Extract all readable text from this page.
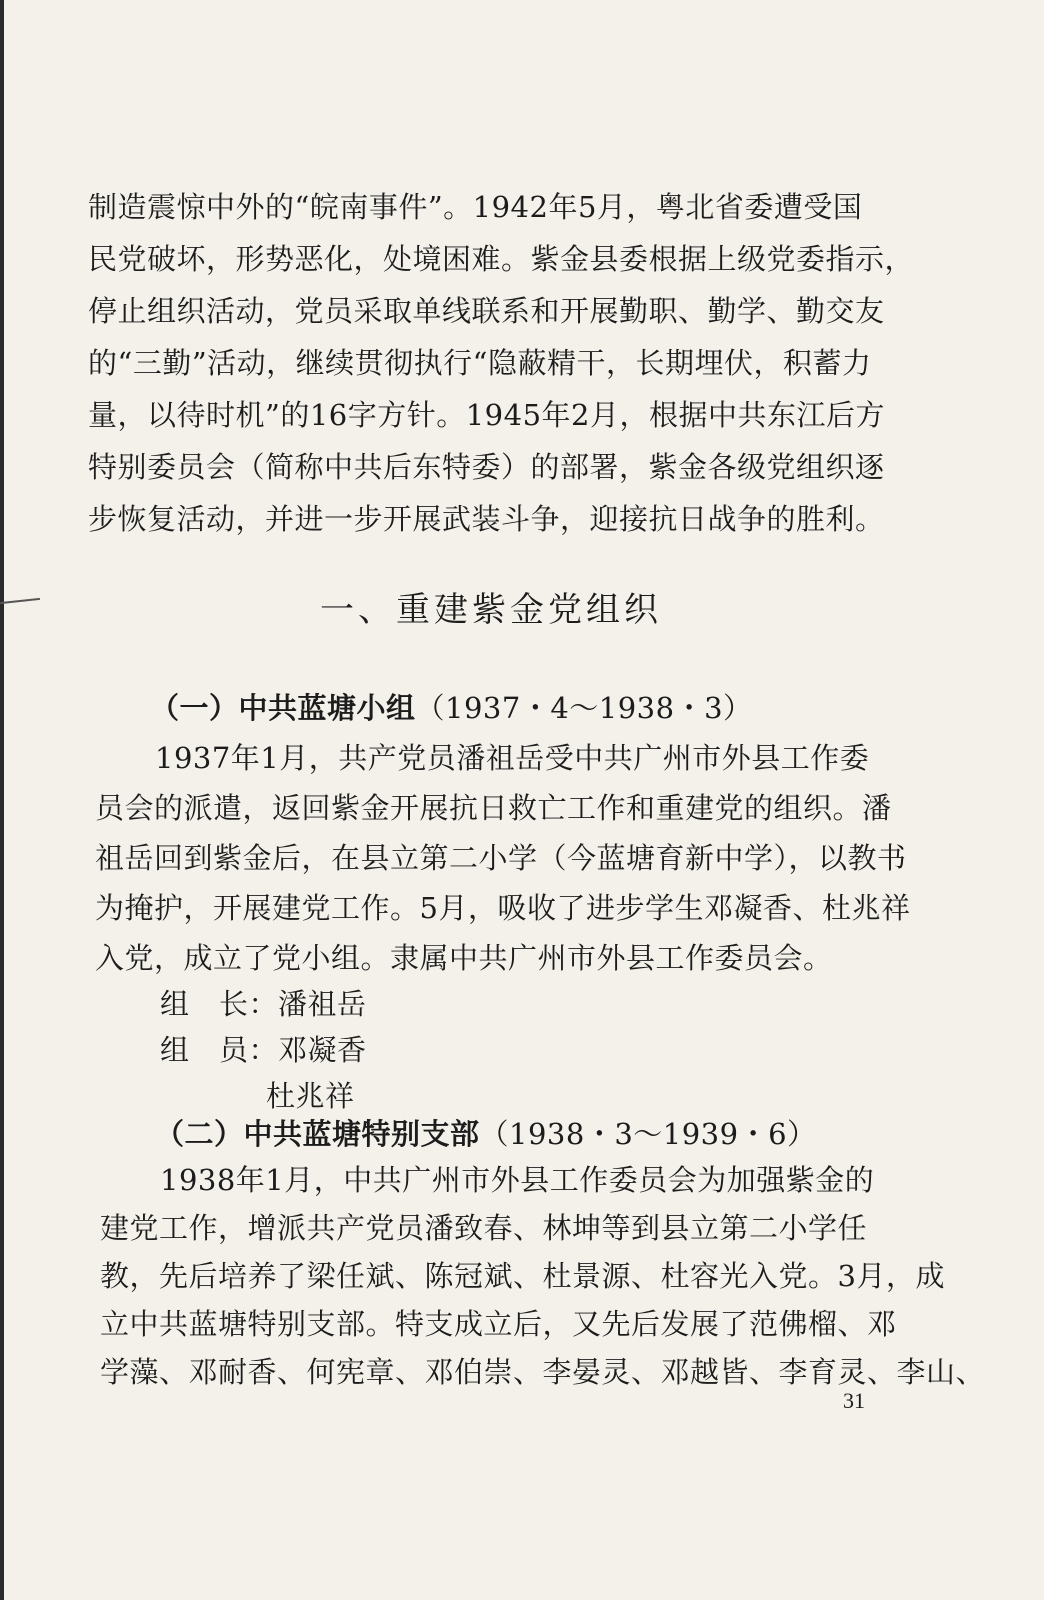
制造震惊中外的“皖南事件”。1942年5月，粤北省委遭受国
民党破坏，形势恶化，处境困难。紫金县委根据上级党委指示，
停止组织活动，党员采取单线联系和开展勤职、勤学、勤交友
的“三勤”活动，继续贯彻执行“隐蔽精干，长期埋伏，积蓄力
量，以待时机”的16字方针。1945年2月，根据中共东江后方
特别委员会（简称中共后东特委）的部署，紫金各级党组织逐
步恢复活动，并进一步开展武装斗争，迎接抗日战争的胜利。
一、重建紫金党组织
（一）中共蓝塘小组（1937・4～1938・3）
1937年1月，共产党员潘祖岳受中共广州市外县工作委
员会的派遣，返回紫金开展抗日救亡工作和重建党的组织。潘
祖岳回到紫金后，在县立第二小学（今蓝塘育新中学），以教书
为掩护，开展建党工作。5月，吸收了进步学生邓凝香、杜兆祥
入党，成立了党小组。隶属中共广州市外县工作委员会。
组　长：潘祖岳
组　员：邓凝香
杜兆祥
（二）中共蓝塘特别支部（1938・3～1939・6）
1938年1月，中共广州市外县工作委员会为加强紫金的
建党工作，增派共产党员潘致春、林坤等到县立第二小学任
教，先后培养了梁任斌、陈冠斌、杜景源、杜容光入党。3月，成
立中共蓝塘特别支部。特支成立后，又先后发展了范佛榴、邓
学藻、邓耐香、何宪章、邓伯崇、李晏灵、邓越皆、李育灵、李山、
31
